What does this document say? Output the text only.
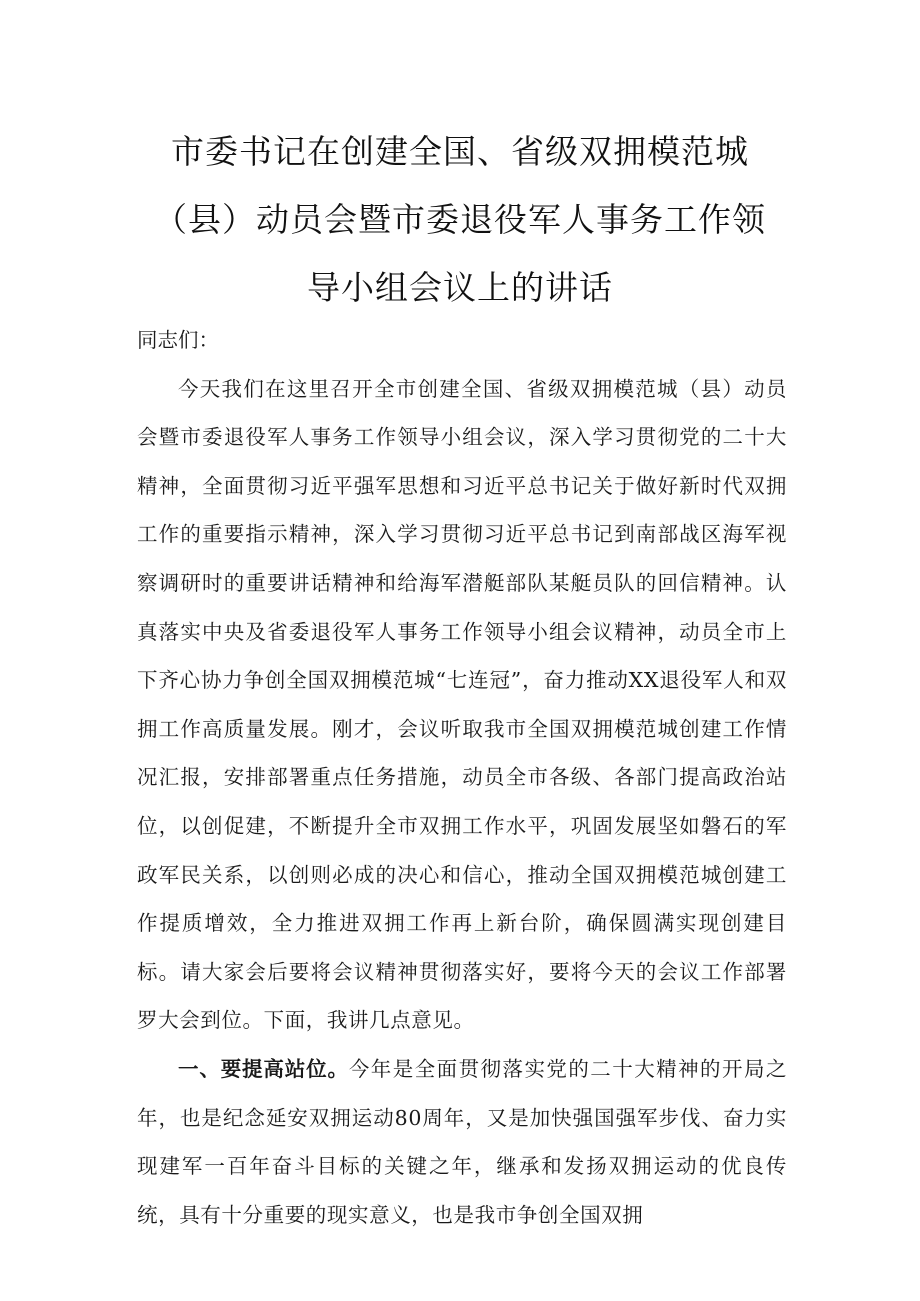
市委书记在创建全国、省级双拥模范城
（县）动员会暨市委退役军人事务工作领
导小组会议上的讲话

同志们：

今天我们在这里召开全市创建全国、省级双拥模范城（县）动员会暨市委退役军人事务工作领导小组会议，深入学习贯彻党的二十大精神，全面贯彻习近平强军思想和习近平总书记关于做好新时代双拥工作的重要指示精神，深入学习贯彻习近平总书记到南部战区海军视察调研时的重要讲话精神和给海军潜艇部队某艇员队的回信精神。认真落实中央及省委退役军人事务工作领导小组会议精神，动员全市上下齐心协力争创全国双拥模范城“七连冠”，奋力推动XX退役军人和双拥工作高质量发展。刚才，会议听取我市全国双拥模范城创建工作情况汇报，安排部署重点任务措施，动员全市各级、各部门提高政治站位，以创促建，不断提升全市双拥工作水平，巩固发展坚如磐石的军政军民关系，以创则必成的决心和信心，推动全国双拥模范城创建工作提质增效，全力推进双拥工作再上新台阶，确保圆满实现创建目标。请大家会后要将会议精神贯彻落实好，要将今天的会议工作部署罗大会到位。下面，我讲几点意见。

一、要提高站位。今年是全面贯彻落实党的二十大精神的开局之年，也是纪念延安双拥运动80周年，又是加快强国强军步伐、奋力实现建军一百年奋斗目标的关键之年，继承和发扬双拥运动的优良传统，具有十分重要的现实意义，也是我市争创全国双拥
